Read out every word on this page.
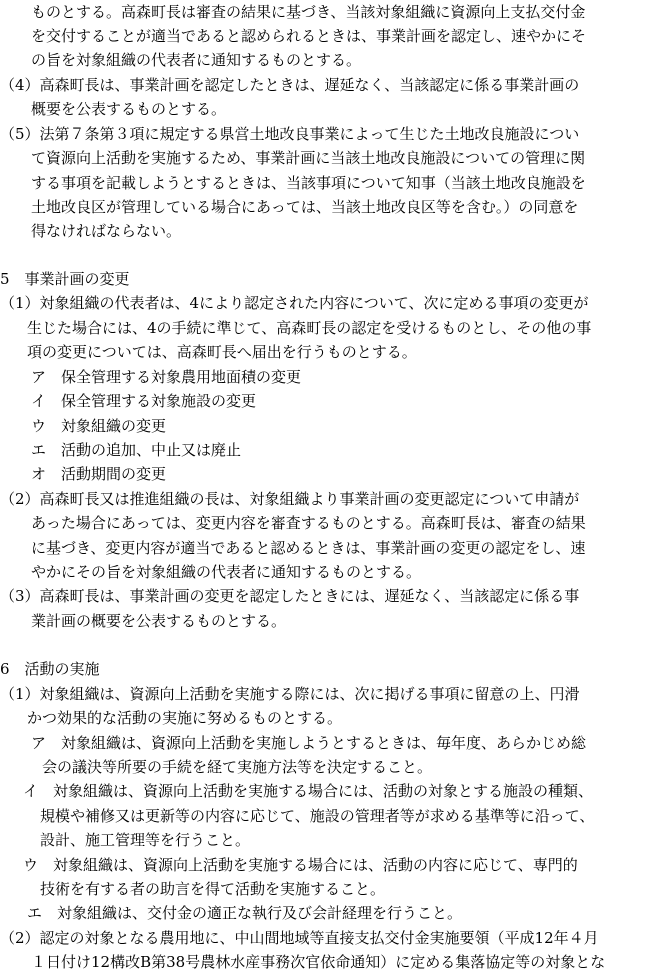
ものとする。高森町長は審査の結果に基づき、当該対象組織に資源向上支払交付金
を交付することが適当であると認められるときは、事業計画を認定し、速やかにそ
の旨を対象組織の代表者に通知するものとする。
（4）高森町長は、事業計画を認定したときは、遅延なく、当該認定に係る事業計画の
概要を公表するものとする。
（5）法第７条第３項に規定する県営土地改良事業によって生じた土地改良施設につい
て資源向上活動を実施するため、事業計画に当該土地改良施設についての管理に関
する事項を記載しようとするときは、当該事項について知事（当該土地改良施設を
土地改良区が管理している場合にあっては、当該土地改良区等を含む。）の同意を
得なければならない。
5　事業計画の変更
（1）対象組織の代表者は、4により認定された内容について、次に定める事項の変更が
生じた場合には、4の手続に準じて、高森町長の認定を受けるものとし、その他の事
項の変更については、高森町長へ届出を行うものとする。
ア　保全管理する対象農用地面積の変更
イ　保全管理する対象施設の変更
ウ　対象組織の変更
エ　活動の追加、中止又は廃止
オ　活動期間の変更
（2）高森町長又は推進組織の長は、対象組織より事業計画の変更認定について申請が
あった場合にあっては、変更内容を審査するものとする。高森町長は、審査の結果
に基づき、変更内容が適当であると認めるときは、事業計画の変更の認定をし、速
やかにその旨を対象組織の代表者に通知するものとする。
（3）高森町長は、事業計画の変更を認定したときには、遅延なく、当該認定に係る事
業計画の概要を公表するものとする。
6　活動の実施
（1）対象組織は、資源向上活動を実施する際には、次に掲げる事項に留意の上、円滑
かつ効果的な活動の実施に努めるものとする。
ア　対象組織は、資源向上活動を実施しようとするときは、毎年度、あらかじめ総
会の議決等所要の手続を経て実施方法等を決定すること。
イ　対象組織は、資源向上活動を実施する場合には、活動の対象とする施設の種類、
規模や補修又は更新等の内容に応じて、施設の管理者等が求める基準等に沿って、
設計、施工管理等を行うこと。
ウ　対象組織は、資源向上活動を実施する場合には、活動の内容に応じて、専門的
技術を有する者の助言を得て活動を実施すること。
エ　対象組織は、交付金の適正な執行及び会計経理を行うこと。
（2）認定の対象となる農用地に、中山間地域等直接支払交付金実施要領（平成12年４月
１日付け12構改B第38号農林水産事務次官依命通知）に定める集落協定等の対象とな
